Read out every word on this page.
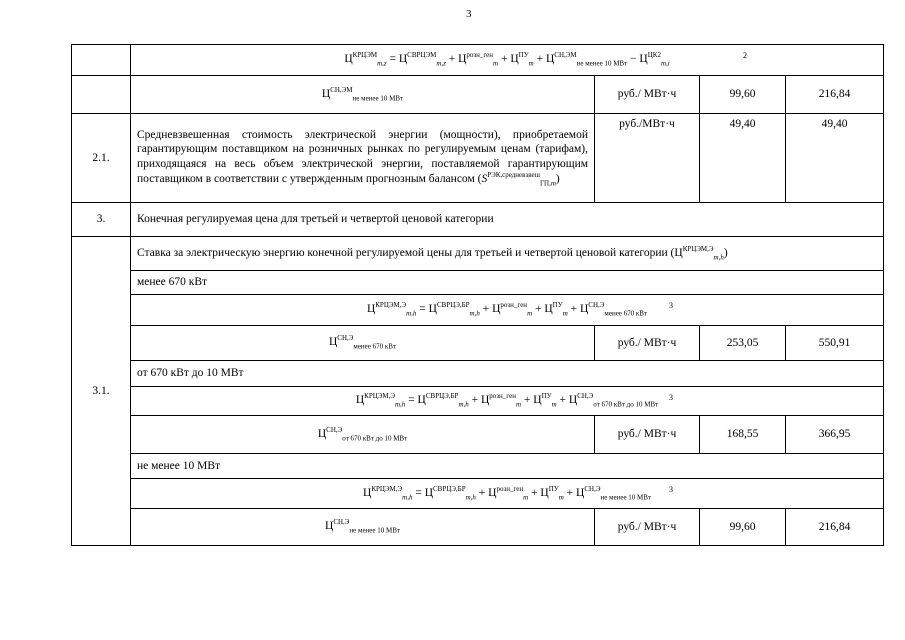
3
	$Ц^{КРЦЭМ}_{m,z} = Ц^{СВРЦЭМ}_{m,z} + Ц^{розн\_ген}_m + Ц^{ПУ}_m + Ц^{СН,ЭМ}_{не менее 10 МВт} - Ц^{ЦК2}_{m,i}$
2			

	$Ц^{СН,ЭМ}_{не менее 10 МВт}$	руб./ МВт·ч	99,60	216,84
2.1.	Средневзвешенная стоимость электрической энергии (мощности), приобретаемой гарантирующим поставщиком на розничных рынках по регулируемым ценам (тарифам), приходящаяся на весь объем электрической энергии, поставляемой гарантирующим поставщиком в соответствии с утвержденным прогнозным балансом $(S^{РЭК,средневзвеш}_{ГП,m})$	руб./МВт·ч	49,40	49,40
3.	Конечная регулируемая цена для третьей и четвертой ценовой категории			
3.1.	Ставка за электрическую энергию конечной регулируемой цены для третьей и четвертой ценовой категории $(Ц^{КРЦЭМ,Э}_{m,h})$			
	менее 670 кВт			
	$Ц^{КРЦЭМ,Э}_{m,h} = Ц^{СВРЦЭ,БР}_{m,h} + Ц^{розн\_ген}_m + Ц^{ПУ}_m + Ц^{СН,Э}_{менее 670 кВт}$
3			

	$Ц^{СН,Э}_{менее 670 кВт}$	руб./ МВт·ч	253,05	550,91
	от 670 кВт до 10 МВт			
	$Ц^{КРЦЭМ,Э}_{m,h} = Ц^{СВРЦЭ,БР}_{m,h} + Ц^{розн\_ген}_m + Ц^{ПУ}_m + Ц^{СН,Э}_{от 670 кВт до 10 МВт}$
3			

	$Ц^{СН,Э}_{от 670 кВт до 10 МВт}$	руб./ МВт·ч	168,55	366,95
	не менее 10 МВт			
	$Ц^{КРЦЭМ,Э}_{m,h} = Ц^{СВРЦЭ,БР}_{m,h} + Ц^{розн\_ген}_m + Ц^{ПУ}_m + Ц^{СН,Э}_{не менее 10 МВт}$
3			

	$Ц^{СН,Э}_{не менее 10 МВт}$	руб./ МВт·ч	99,60	216,84
